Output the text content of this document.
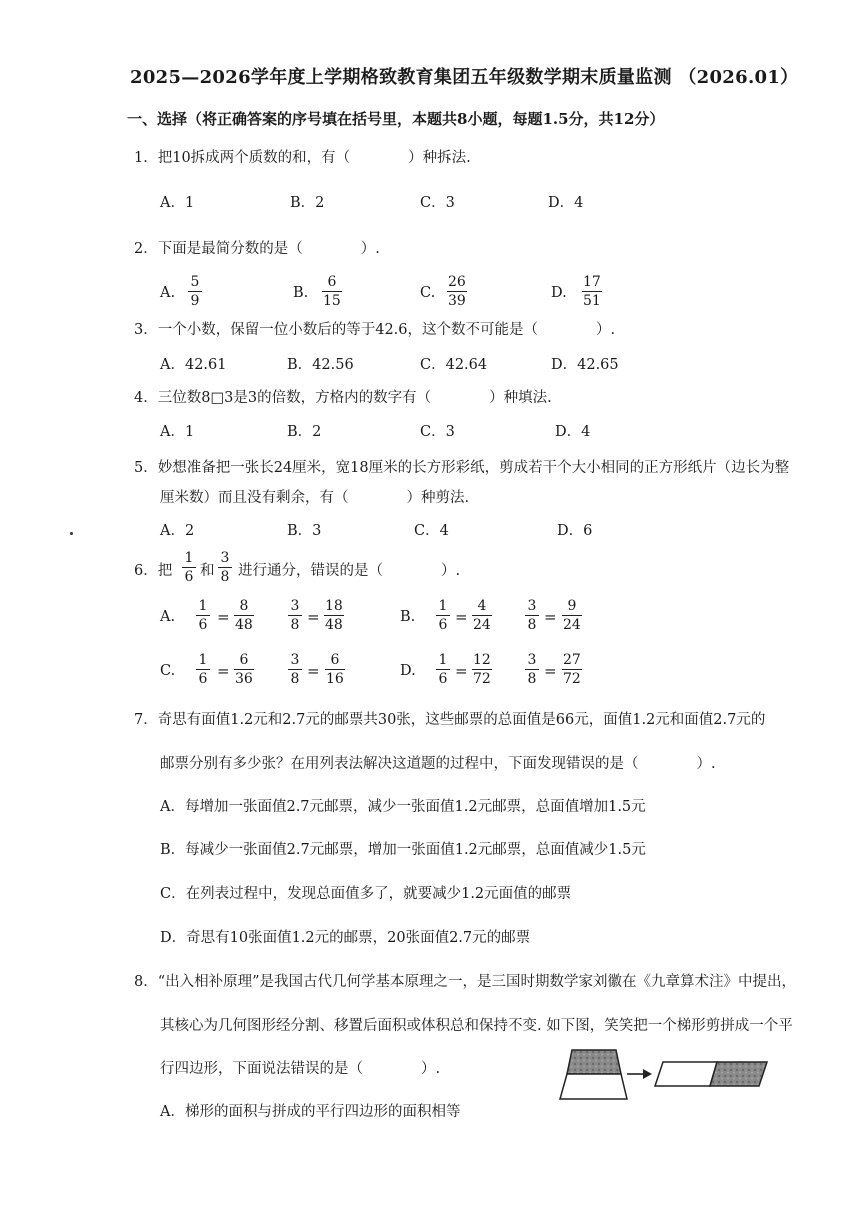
2025—2026学年度上学期格致教育集团五年级数学期末质量监测 （2026.01）
一、选择（将正确答案的序号填在括号里，本题共8小题，每题1.5分，共12分）
1．把10拆成两个质数的和，有（　　　　）种拆法.
A．1	B．2	C．3	D．4
2．下面是最简分数的是（　　　　）.
A.
5
9	B.
6
15	C.
26
39	D.
17
51
3．一个小数，保留一位小数后的等于42.6，这个数不可能是（　　　　）.
A．42.61	B．42.56	C．42.64	D．42.65
4．三位数8□3是3的倍数，方格内的数字有（　　　　）种填法.
A．1	B．2	C．3	D．4
5．妙想准备把一张长24厘米，宽18厘米的长方形彩纸，剪成若干个大小相同的正方形纸片（边长为整
厘米数）而且没有剩余，有（　　　　）种剪法.
A．2	B．3	C．4	D．6
6．把
1
6 和
3
8 进行通分，错误的是（　　　　）.
A.
1
6 =
8
48
3
8 =
18
48	B.
1
6 =
4
24
3
8 =
9
24
C.
1
6 =
6
36
3
8 =
6
16	D.
1
6 =
12
72
3
8 =
27
72
7．奇思有面值1.2元和2.7元的邮票共30张，这些邮票的总面值是66元，面值1.2元和面值2.7元的
邮票分别有多少张？在用列表法解决这道题的过程中，下面发现错误的是（　　　　）.
A．每增加一张面值2.7元邮票，减少一张面值1.2元邮票，总面值增加1.5元
B．每减少一张面值2.7元邮票，增加一张面值1.2元邮票，总面值减少1.5元
C．在列表过程中，发现总面值多了，就要减少1.2元面值的邮票
D．奇思有10张面值1.2元的邮票，20张面值2.7元的邮票
8．“出入相补原理”是我国古代几何学基本原理之一，是三国时期数学家刘徽在《九章算术注》中提出，
其核心为几何图形经分割、移置后面积或体积总和保持不变. 如下图，笑笑把一个梯形剪拼成一个平
行四边形，下面说法错误的是（　　　　）.
A．梯形的面积与拼成的平行四边形的面积相等
